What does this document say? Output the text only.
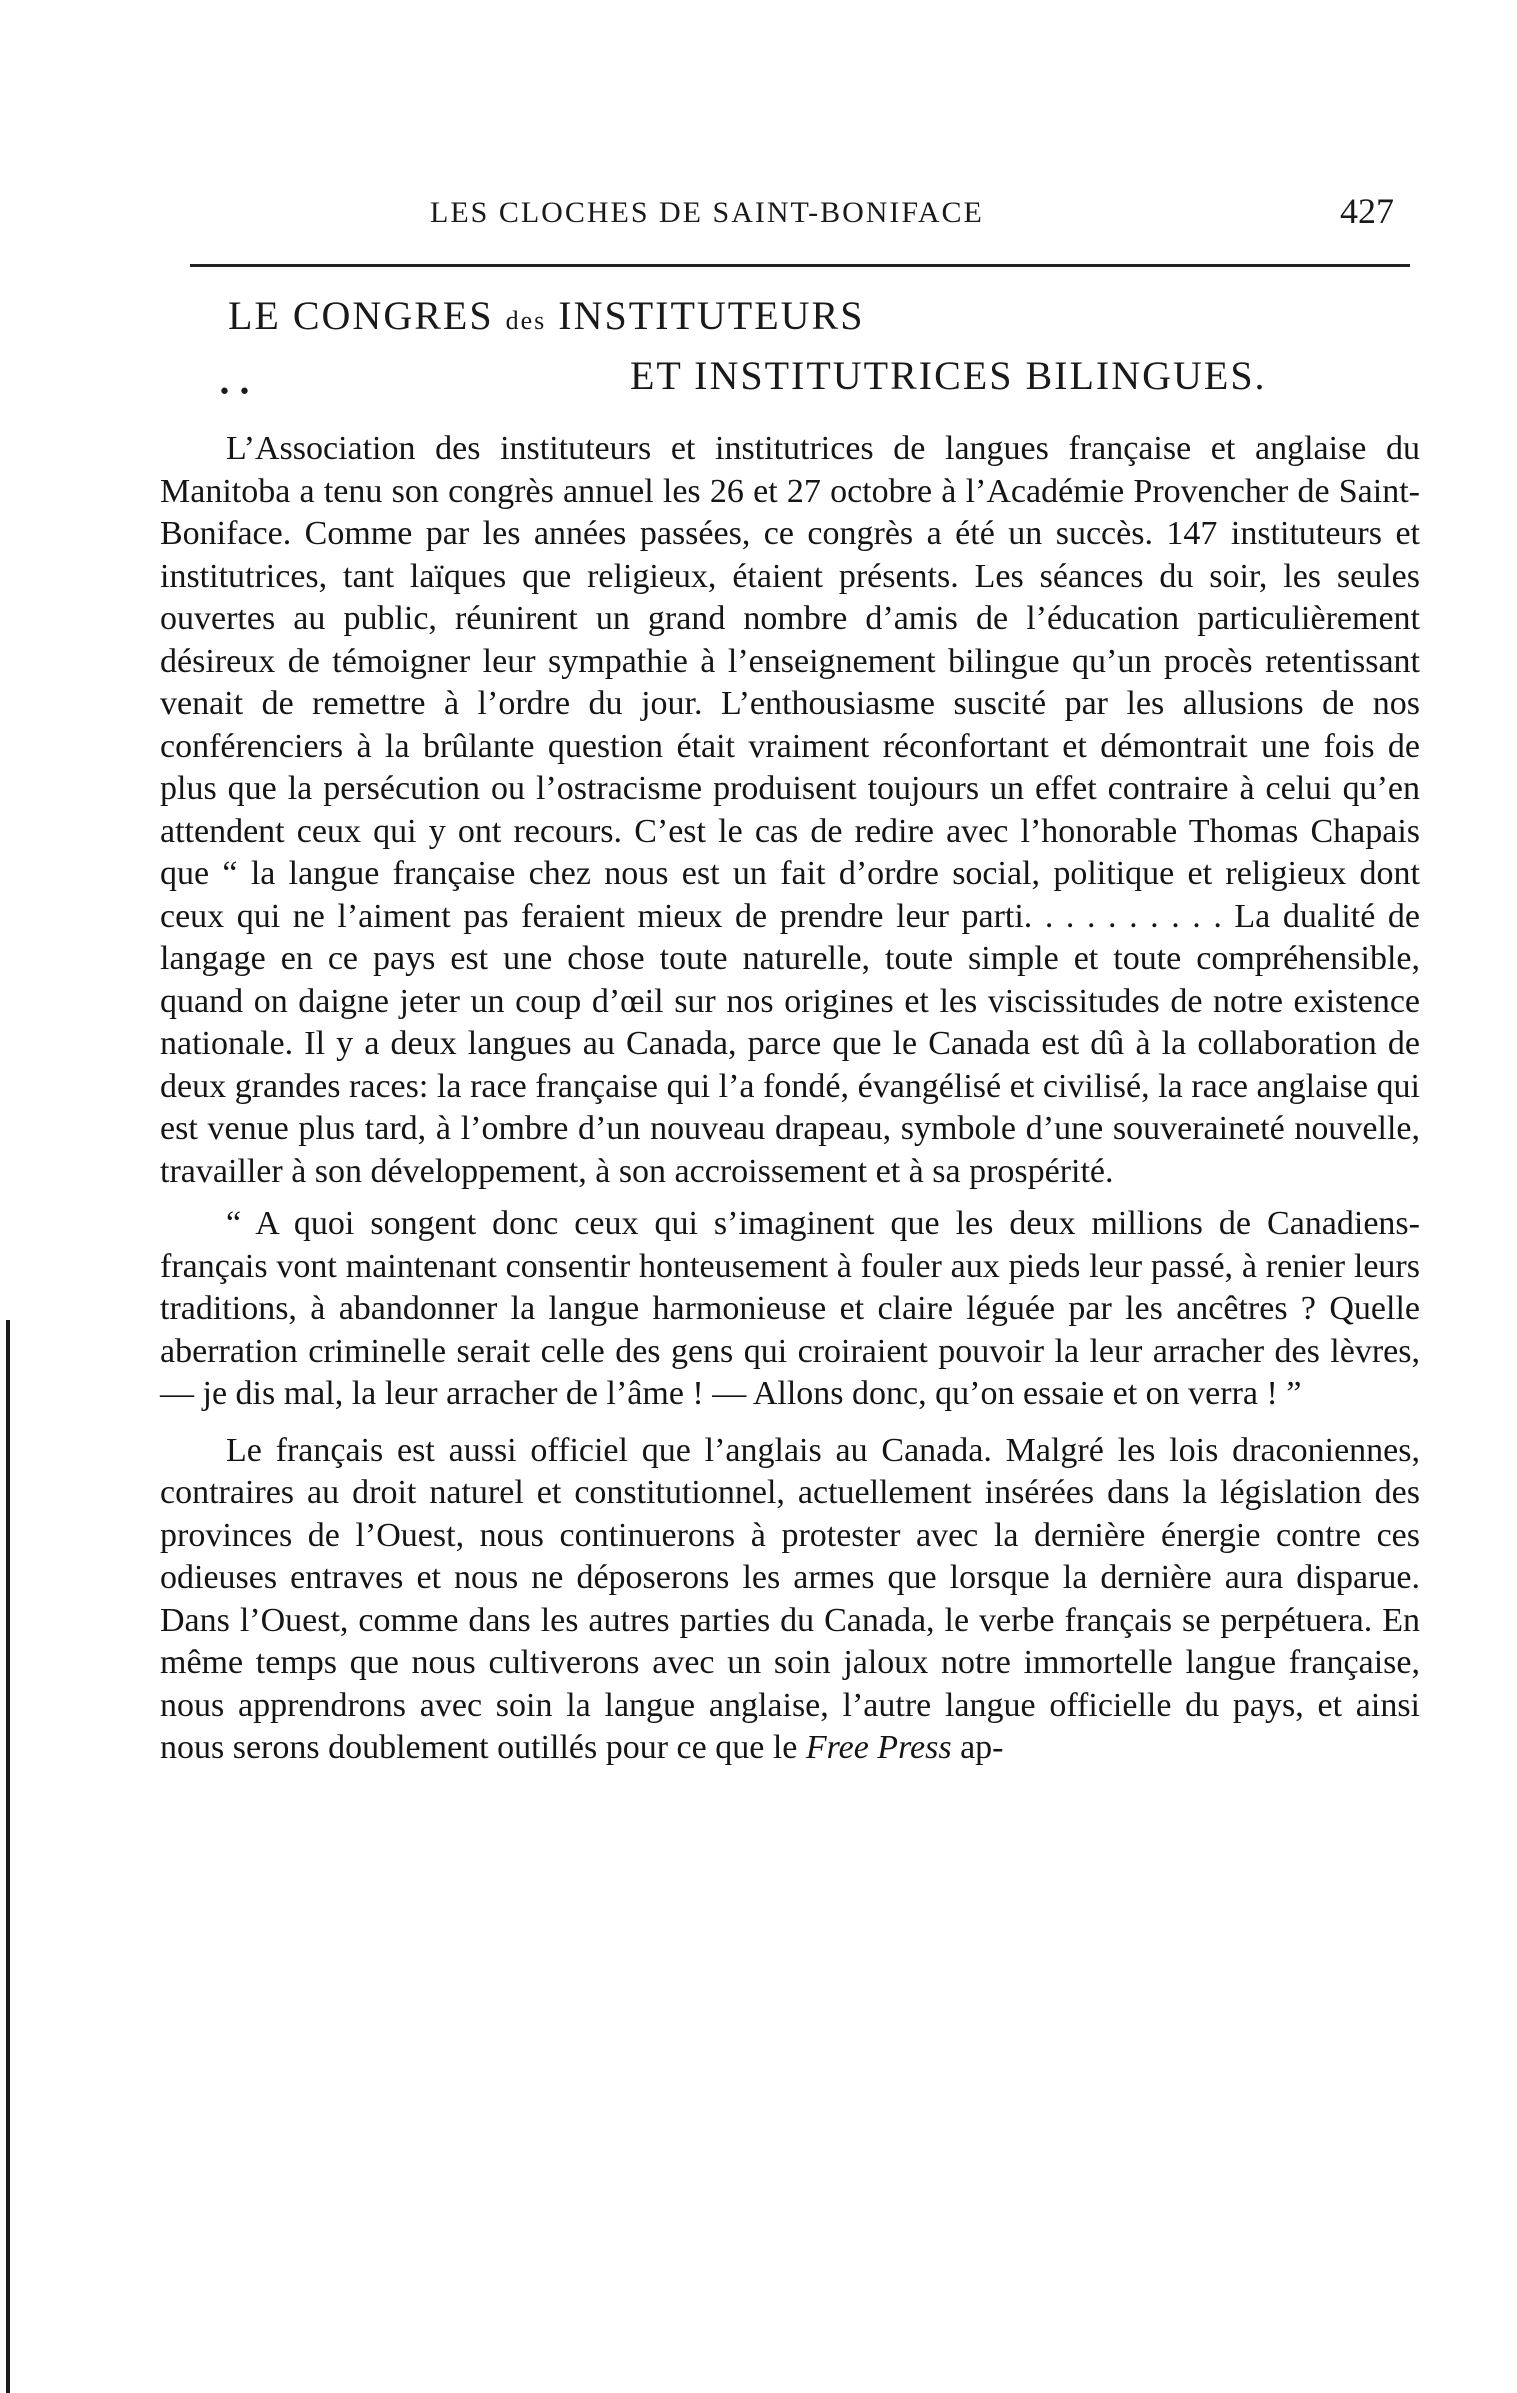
LES CLOCHES DE SAINT-BONIFACE	427
LE CONGRES des INSTITUTEURS
• •	ET INSTITUTRICES BILINGUES.

L’Association des instituteurs et institutrices de langues française et anglaise du Manitoba a tenu son congrès annuel les 26 et 27 octobre à l’Académie Provencher de Saint-Boniface. Comme par les années passées, ce congrès a été un succès. 147 instituteurs et institutrices, tant laïques que religieux, étaient présents. Les séances du soir, les seules ouvertes au public, réunirent un grand nombre d’amis de l’éducation particulièrement désireux de témoigner leur sympathie à l’enseignement bilingue qu’un procès retentissant venait de remettre à l’ordre du jour. L’enthousiasme suscité par les allusions de nos conférenciers à la brûlante question était vraiment réconfortant et démontrait une fois de plus que la persécution ou l’ostracisme produisent toujours un effet contraire à celui qu’en attendent ceux qui y ont recours. C’est le cas de redire avec l’honorable Thomas Chapais que “ la langue française chez nous est un fait d’ordre social, politique et religieux dont ceux qui ne l’aiment pas feraient mieux de prendre leur parti. . . . . . . . . . La dualité de langage en ce pays est une chose toute naturelle, toute simple et toute compréhensible, quand on daigne jeter un coup d’œil sur nos origines et les viscissitudes de notre existence nationale. Il y a deux langues au Canada, parce que le Canada est dû à la collaboration de deux grandes races: la race française qui l’a fondé, évangélisé et civilisé, la race anglaise qui est venue plus tard, à l’ombre d’un nouveau drapeau, symbole d’une souveraineté nouvelle, travailler à son développement, à son accroissement et à sa prospérité.

“ A quoi songent donc ceux qui s’imaginent que les deux millions de Canadiens-français vont maintenant consentir honteusement à fouler aux pieds leur passé, à renier leurs traditions, à abandonner la langue harmonieuse et claire léguée par les ancêtres ? Quelle aberration criminelle serait celle des gens qui croiraient pouvoir la leur arracher des lèvres, — je dis mal, la leur arracher de l’âme ! — Allons donc, qu’on essaie et on verra ! ”

Le français est aussi officiel que l’anglais au Canada. Malgré les lois draconiennes, contraires au droit naturel et constitutionnel, actuellement insérées dans la législation des provinces de l’Ouest, nous continuerons à protester avec la dernière énergie contre ces odieuses entraves et nous ne déposerons les armes que lorsque la dernière aura disparue. Dans l’Ouest, comme dans les autres parties du Canada, le verbe français se perpétuera. En même temps que nous cultiverons avec un soin jaloux notre immortelle langue française, nous apprendrons avec soin la langue anglaise, l’autre langue officielle du pays, et ainsi nous serons doublement outillés pour ce que le Free Press ap-
